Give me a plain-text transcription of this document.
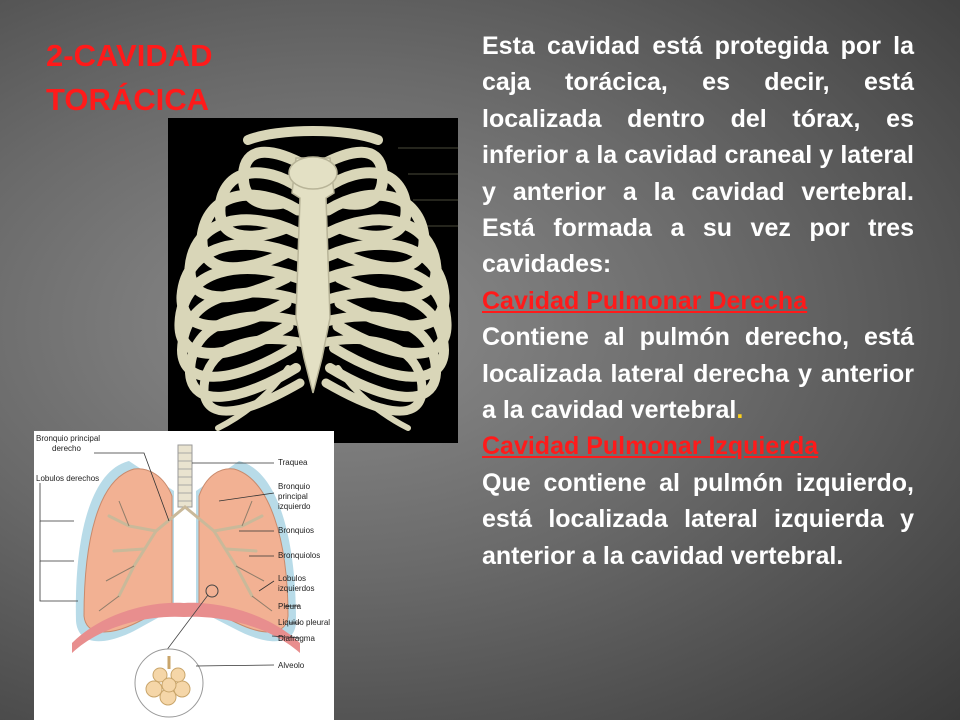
2-CAVIDAD TORÁCICA
Bronquio principal
derecho
Lobulos derechos
Traquea
Bronquio
principal
izquierdo
Bronquios
Bronquiolos
Lobulos
izquierdos
Pleura
Liquido pleural
Diafragma
Alveolo

Esta cavidad está protegida por la caja torácica, es decir, está localizada dentro del tórax, es inferior a la cavidad craneal y lateral y anterior a la cavidad vertebral. Está formada a su vez por tres cavidades:

Cavidad Pulmonar Derecha

Contiene al pulmón derecho, está localizada lateral derecha y anterior a la cavidad vertebral.

Cavidad Pulmonar Izquierda

Que contiene al pulmón izquierdo, está localizada lateral izquierda y anterior a la cavidad vertebral.
